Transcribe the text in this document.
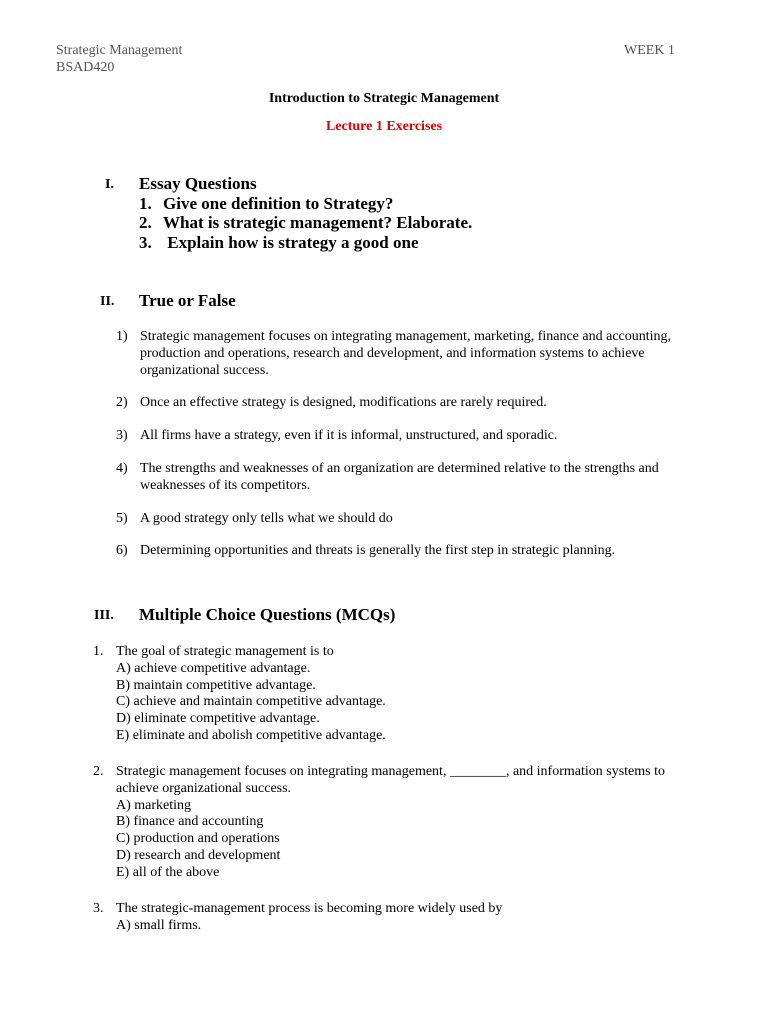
Strategic Management
BSAD420
WEEK 1
Introduction to Strategic Management
Lecture 1 Exercises
I. Essay Questions
1. Give one definition to Strategy?
2. What is strategic management? Elaborate.
3. Explain how is strategy a good one
II. True or False
1) Strategic management focuses on integrating management, marketing, finance and accounting, production and operations, research and development, and information systems to achieve organizational success.
2) Once an effective strategy is designed, modifications are rarely required.
3) All firms have a strategy, even if it is informal, unstructured, and sporadic.
4) The strengths and weaknesses of an organization are determined relative to the strengths and weaknesses of its competitors.
5) A good strategy only tells what we should do
6) Determining opportunities and threats is generally the first step in strategic planning.
III. Multiple Choice Questions (MCQs)
1. The goal of strategic management is to
A) achieve competitive advantage.
B) maintain competitive advantage.
C) achieve and maintain competitive advantage.
D) eliminate competitive advantage.
E) eliminate and abolish competitive advantage.
2. Strategic management focuses on integrating management, ________, and information systems to achieve organizational success.
A) marketing
B) finance and accounting
C) production and operations
D) research and development
E) all of the above
3. The strategic-management process is becoming more widely used by
A) small firms.
